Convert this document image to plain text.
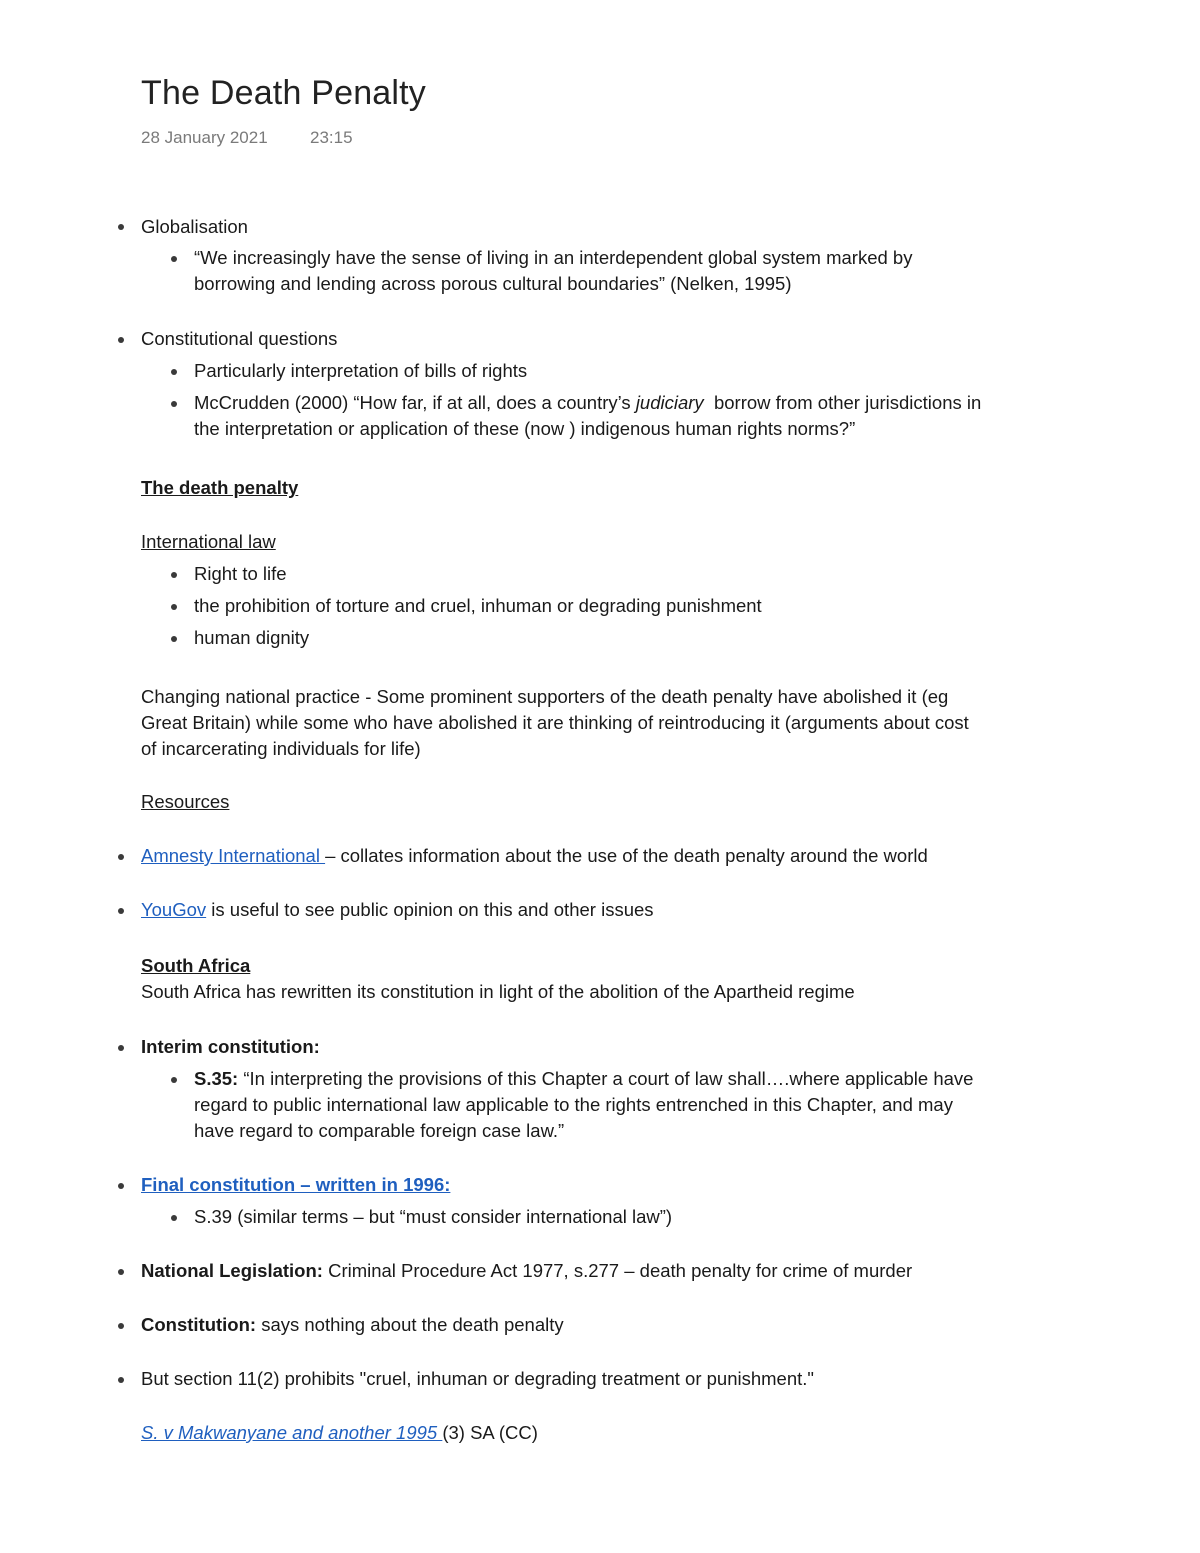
The Death Penalty
28 January 2021 23:15
Globalisation
“We increasingly have the sense of living in an interdependent global system marked by
borrowing and lending across porous cultural boundaries” (Nelken, 1995)
Constitutional questions
Particularly interpretation of bills of rights
McCrudden (2000) “How far, if at all, does a country’s judiciary  borrow from other jurisdictions in
the interpretation or application of these (now ) indigenous human rights norms?”
The death penalty
International law
Right to life
the prohibition of torture and cruel, inhuman or degrading punishment
human dignity
Changing national practice - Some prominent supporters of the death penalty have abolished it (eg
Great Britain) while some who have abolished it are thinking of reintroducing it (arguments about cost
of incarcerating individuals for life)
Resources
Amnesty International – collates information about the use of the death penalty around the world
YouGov is useful to see public opinion on this and other issues
South Africa
South Africa has rewritten its constitution in light of the abolition of the Apartheid regime
Interim constitution:
S.35: “In interpreting the provisions of this Chapter a court of law shall….where applicable have
regard to public international law applicable to the rights entrenched in this Chapter, and may
have regard to comparable foreign case law.”
Final constitution – written in 1996:
S.39 (similar terms – but “must consider international law”)
National Legislation: Criminal Procedure Act 1977, s.277 – death penalty for crime of murder
Constitution: says nothing about the death penalty
But section 11(2) prohibits "cruel, inhuman or degrading treatment or punishment."
S. v Makwanyane and another 1995 (3) SA (CC)
